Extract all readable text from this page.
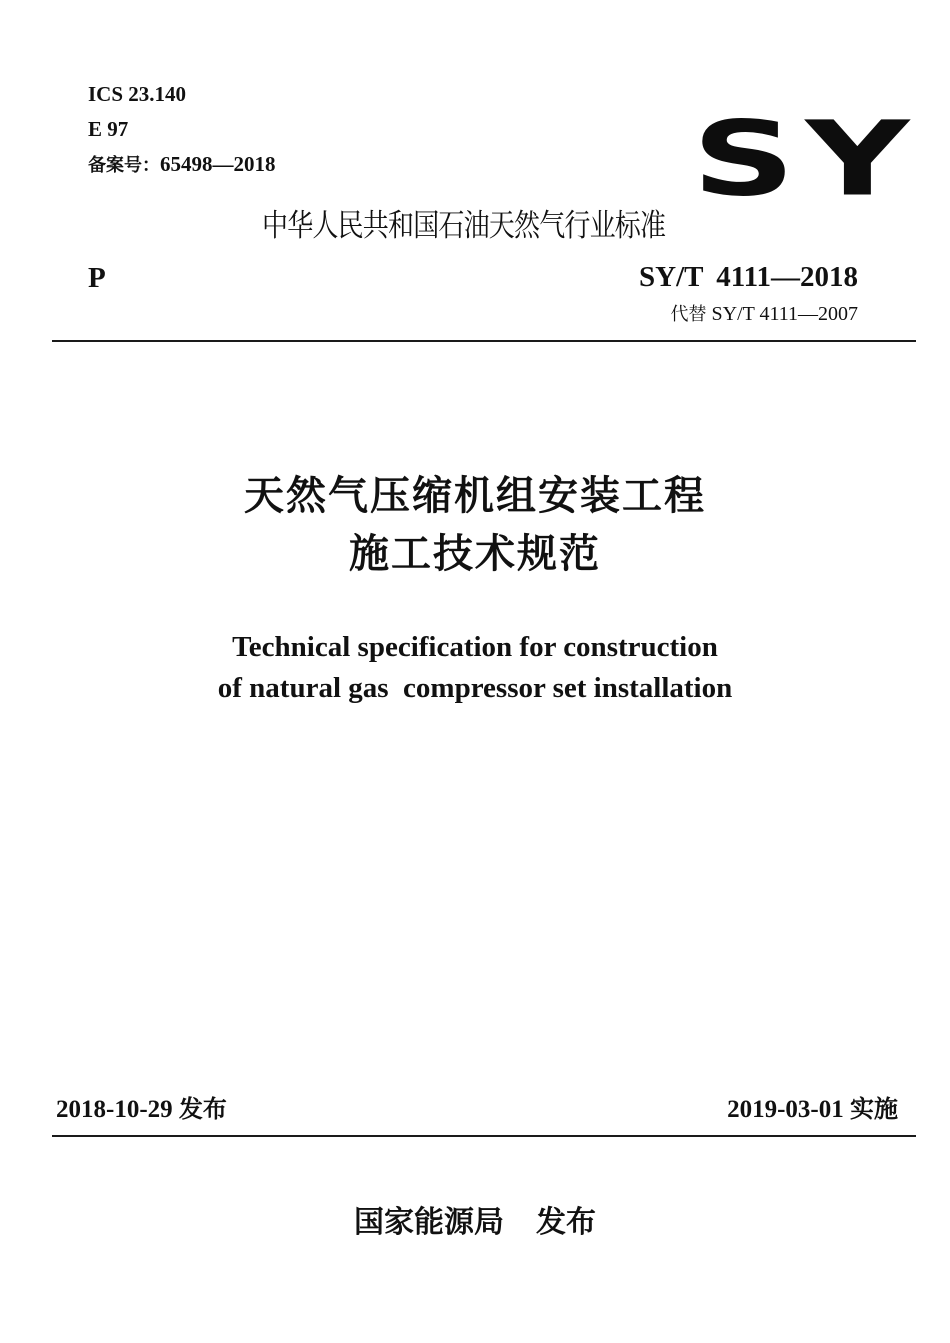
ICS 23.140
E 97
备案号：65498—2018	SY
中华人民共和国石油天然气行业标准
P	SY/T 4111—2018
代替 SY/T 4111—2007
天然气压缩机组安装工程
施工技术规范
Technical specification for construction
of natural gas  compressor set installation
2018-10-29 发布	2019-03-01 实施
国家能源局 发布
